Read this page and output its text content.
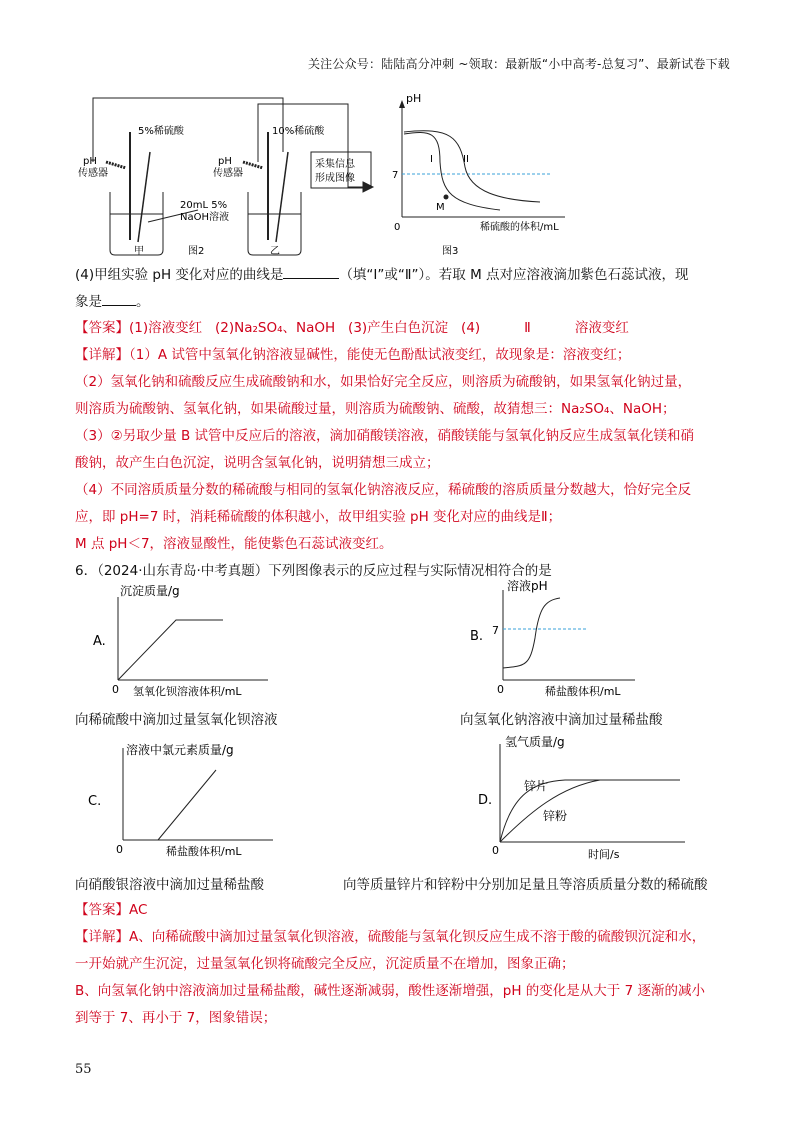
关注公众号：陆陆高分冲刺 ~领取：最新版“小中高考-总复习”、最新试卷下载
5%稀硫酸	10%稀硫酸
pH
传感器
pH
传感器
20mL 5%
NaOH溶液
采集信息
形成图像
甲	乙
图2
pH
7
0
I	II
M
稀硫酸的体积/mL
图3
(4)甲组实验 pH 变化对应的曲线是	（填“I”或“Ⅱ”）。若取 M 点对应溶液滴加紫色石蕊试液，现
象是	。
【答案】(1)溶液变红 (2)Na₂SO₄、NaOH (3)产生白色沉淀 (4)	Ⅱ	溶液变红
【详解】（1）A 试管中氢氧化钠溶液显碱性，能使无色酚酞试液变红，故现象是：溶液变红；
（2）氢氧化钠和硫酸反应生成硫酸钠和水，如果恰好完全反应，则溶质为硫酸钠，如果氢氧化钠过量，
则溶质为硫酸钠、氢氧化钠，如果硫酸过量，则溶质为硫酸钠、硫酸，故猜想三：Na₂SO₄、NaOH；
（3）②另取少量 B 试管中反应后的溶液，滴加硝酸镁溶液，硝酸镁能与氢氧化钠反应生成氢氧化镁和硝
酸钠，故产生白色沉淀，说明含氢氧化钠，说明猜想三成立；
（4）不同溶质质量分数的稀硫酸与相同的氢氧化钠溶液反应，稀硫酸的溶质质量分数越大，恰好完全反
应，即 pH=7 时，消耗稀硫酸的体积越小，故甲组实验 pH 变化对应的曲线是Ⅱ；
M 点 pH＜7，溶液显酸性，能使紫色石蕊试液变红。
6．（2024·山东青岛·中考真题）下列图像表示的反应过程与实际情况相符合的是
沉淀质量/g
A.
0 氢氧化钡溶液体积/mL
向稀硫酸中滴加过量氢氧化钡溶液
溶液pH
B. 7
0	稀盐酸体积/mL
向氢氧化钠溶液中滴加过量稀盐酸
溶液中氯元素质量/g
C.
0	稀盐酸体积/mL
向硝酸银溶液中滴加过量稀盐酸
氢气质量/g
D.
0	时间/s
锌片
锌粉
向等质量锌片和锌粉中分别加足量且等溶质质量分数的稀硫酸
【答案】AC
【详解】A、向稀硫酸中滴加过量氢氧化钡溶液，硫酸能与氢氧化钡反应生成不溶于酸的硫酸钡沉淀和水，
一开始就产生沉淀，过量氢氧化钡将硫酸完全反应，沉淀质量不在增加，图象正确；
B、向氢氧化钠中溶液滴加过量稀盐酸，碱性逐渐减弱，酸性逐渐增强，pH 的变化是从大于 7 逐渐的减小
到等于 7、再小于 7，图象错误；
55
